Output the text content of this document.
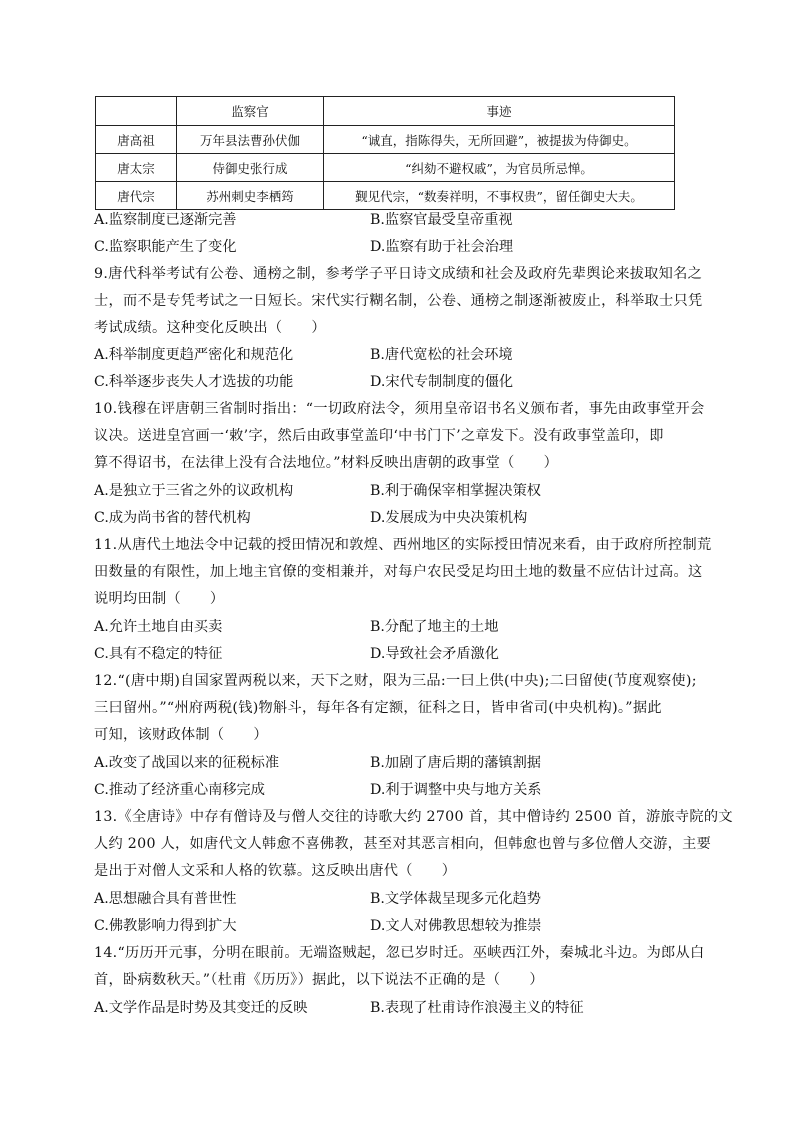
	监察官	事迹
唐高祖	万年县法曹孙伏伽	“诚直，指陈得失，无所回避”，被提拔为侍御史。
唐太宗	侍御史张行成	“纠劾不避权戚”，为官员所忌惮。
唐代宗	苏州刺史李栖筠	觐见代宗，“数奏祥明，不事权贵”，留任御史大夫。
A.监察制度已逐渐完善	B.监察官最受皇帝重视
C.监察职能产生了变化	D.监察有助于社会治理
9.唐代科举考试有公卷、通榜之制，参考学子平日诗文成绩和社会及政府先辈舆论来拔取知名之
士，而不是专凭考试之一日短长。宋代实行糊名制，公卷、通榜之制逐渐被废止，科举取士只凭
考试成绩。这种变化反映出（　　）
A.科举制度更趋严密化和规范化	B.唐代宽松的社会环境
C.科举逐步丧失人才选拔的功能	D.宋代专制制度的僵化
10.钱穆在评唐朝三省制时指出：“一切政府法令，须用皇帝诏书名义颁布者，事先由政事堂开会
议决。送进皇宫画一‘敕’字，然后由政事堂盖印‘中书门下’之章发下。没有政事堂盖印，即
算不得诏书，在法律上没有合法地位。”材料反映出唐朝的政事堂（　　）
A.是独立于三省之外的议政机构	B.利于确保宰相掌握决策权
C.成为尚书省的替代机构	D.发展成为中央决策机构
11.从唐代土地法令中记载的授田情况和敦煌、西州地区的实际授田情况来看，由于政府所控制荒
田数量的有限性，加上地主官僚的变相兼并，对每户农民受足均田土地的数量不应估计过高。这
说明均田制（　　）
A.允许土地自由买卖	B.分配了地主的土地
C.具有不稳定的特征	D.导致社会矛盾激化
12.“(唐中期)自国家置两税以来，天下之财，限为三品:一曰上供(中央);二曰留使(节度观察使);
三曰留州。”“州府两税(钱)物斛斗，每年各有定额，征科之日，皆申省司(中央机构)。”据此
可知，该财政体制（　　）
A.改变了战国以来的征税标准	B.加剧了唐后期的藩镇割据
C.推动了经济重心南移完成	D.利于调整中央与地方关系
13.《全唐诗》中存有僧诗及与僧人交往的诗歌大约 2700 首，其中僧诗约 2500 首，游旅寺院的文
人约 200 人，如唐代文人韩愈不喜佛教，甚至对其恶言相向，但韩愈也曾与多位僧人交游，主要
是出于对僧人文采和人格的钦慕。这反映出唐代（　　）
A.思想融合具有普世性	B.文学体裁呈现多元化趋势
C.佛教影响力得到扩大	D.文人对佛教思想较为推崇
14.“历历开元事，分明在眼前。无端盗贼起，忽已岁时迁。巫峡西江外，秦城北斗边。为郎从白
首，卧病数秋天。”（杜甫《历历》）据此，以下说法不正确的是（　　）
A.文学作品是时势及其变迁的反映	B.表现了杜甫诗作浪漫主义的特征
